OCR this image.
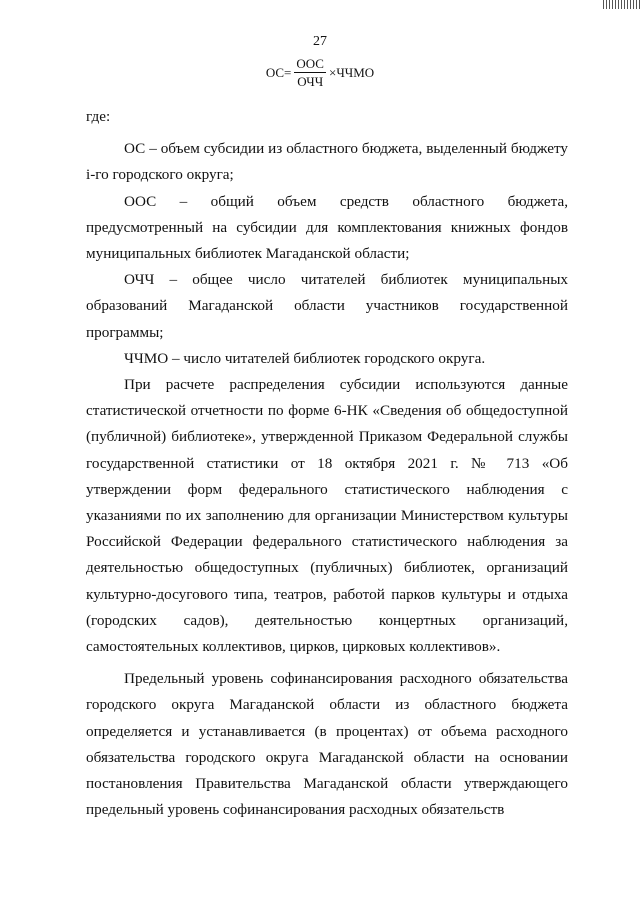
27
ОС = $\frac{\text{ООС}}{\text{ОЧЧ}}$ × ЧЧМО

где:

ОС – объем субсидии из областного бюджета, выделенный бюджету i-го городского округа;

ООС – общий объем средств областного бюджета, предусмотренный на субсидии для комплектования книжных фондов муниципальных библиотек Магаданской области;

ОЧЧ – общее число читателей библиотек муниципальных образований Магаданской области участников государственной программы;

ЧЧМО – число читателей библиотек городского округа.

При расчете распределения субсидии используются данные статистической отчетности по форме 6-НК «Сведения об общедоступной (публичной) библиотеке», утвержденной Приказом Федеральной службы государственной статистики от 18 октября 2021 г. № 713 «Об утверждении форм федерального статистического наблюдения с указаниями по их заполнению для организации Министерством культуры Российской Федерации федерального статистического наблюдения за деятельностью общедоступных (публичных) библиотек, организаций культурно-досугового типа, театров, работой парков культуры и отдыха (городских садов), деятельностью концертных организаций, самостоятельных коллективов, цирков, цирковых коллективов».

Предельный уровень софинансирования расходного обязательства городского округа Магаданской области из областного бюджета определяется и устанавливается (в процентах) от объема расходного обязательства городского округа Магаданской области на основании постановления Правительства Магаданской области утверждающего предельный уровень софинансирования расходных обязательств
